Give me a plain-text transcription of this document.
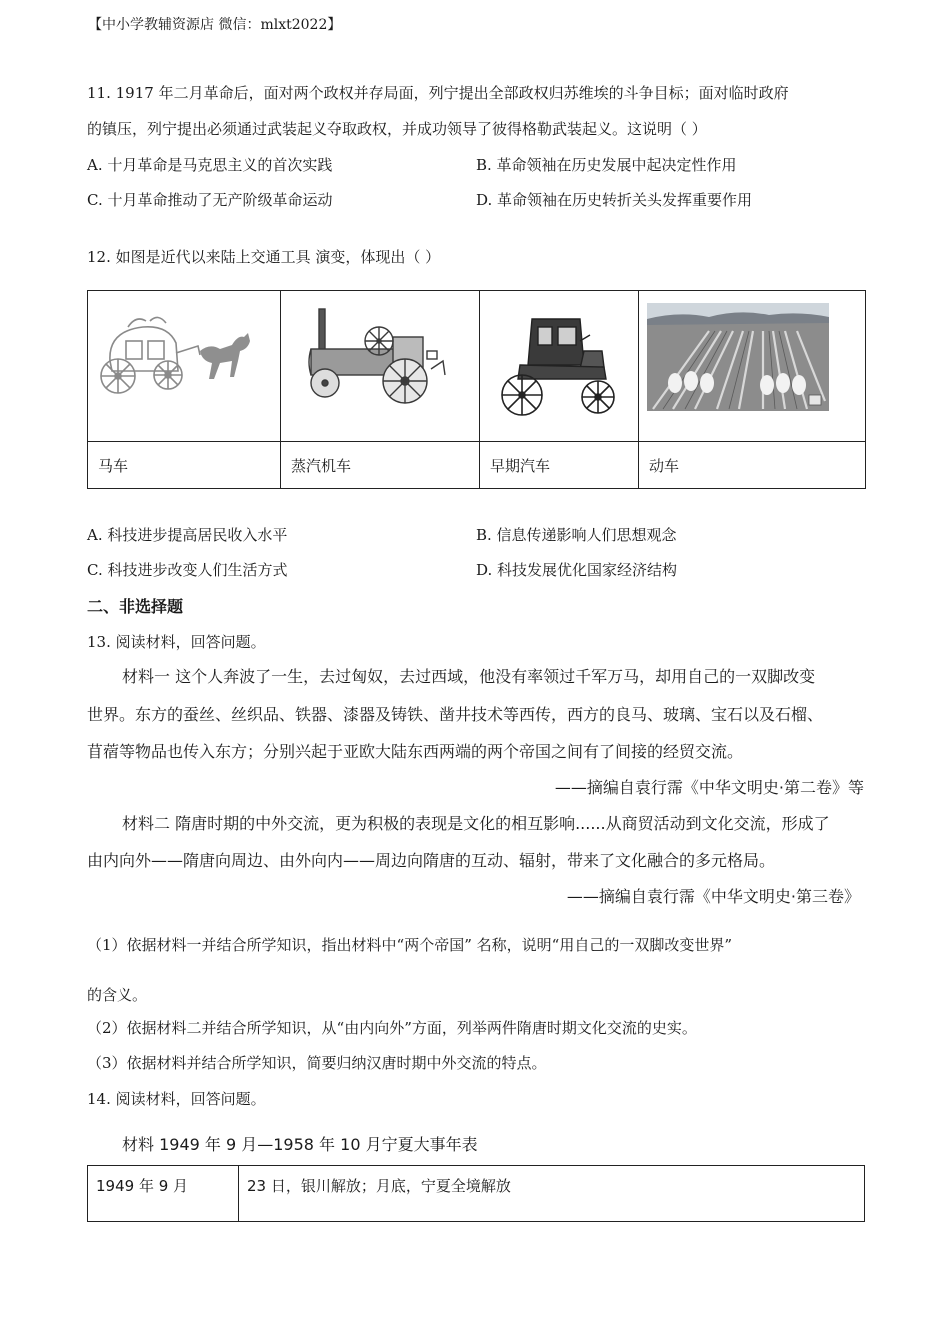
【中小学教辅资源店 微信：mlxt2022】
11. 1917 年二月革命后，面对两个政权并存局面，列宁提出全部政权归苏维埃的斗争目标；面对临时政府
的镇压，列宁提出必须通过武装起义夺取政权，并成功领导了彼得格勒武装起义。这说明（ ）
A. 十月革命是马克思主义的首次实践	B. 革命领袖在历史发展中起决定性作用
C. 十月革命推动了无产阶级革命运动	D. 革命领袖在历史转折关头发挥重要作用
12. 如图是近代以来陆上交通工具 演变，体现出（ ）

马车	蒸汽机车	早期汽车	动车
A. 科技进步提高居民收入水平	B. 信息传递影响人们思想观念
C. 科技进步改变人们生活方式	D. 科技发展优化国家经济结构
二、非选择题
13. 阅读材料，回答问题。
材料一 这个人奔波了一生，去过匈奴，去过西域，他没有率领过千军万马，却用自己的一双脚改变
世界。东方的蚕丝、丝织品、铁器、漆器及铸铁、凿井技术等西传，西方的良马、玻璃、宝石以及石榴、
苜蓿等物品也传入东方；分别兴起于亚欧大陆东西两端的两个帝国之间有了间接的经贸交流。
——摘编自袁行霈《中华文明史·第二卷》等
材料二 隋唐时期的中外交流，更为积极的表现是文化的相互影响......从商贸活动到文化交流，形成了
由内向外——隋唐向周边、由外向内——周边向隋唐的互动、辐射，带来了文化融合的多元格局。
——摘编自袁行霈《中华文明史·第三卷》
（1）依据材料一并结合所学知识，指出材料中“两个帝国” 名称，说明“用自己的一双脚改变世界”
的含义。
（2）依据材料二并结合所学知识，从“由内向外”方面，列举两件隋唐时期文化交流的史实。
（3）依据材料并结合所学知识，简要归纳汉唐时期中外交流的特点。
14. 阅读材料，回答问题。
材料 1949 年 9 月—1958 年 10 月宁夏大事年表
1949 年 9 月	23 日，银川解放；月底，宁夏全境解放
